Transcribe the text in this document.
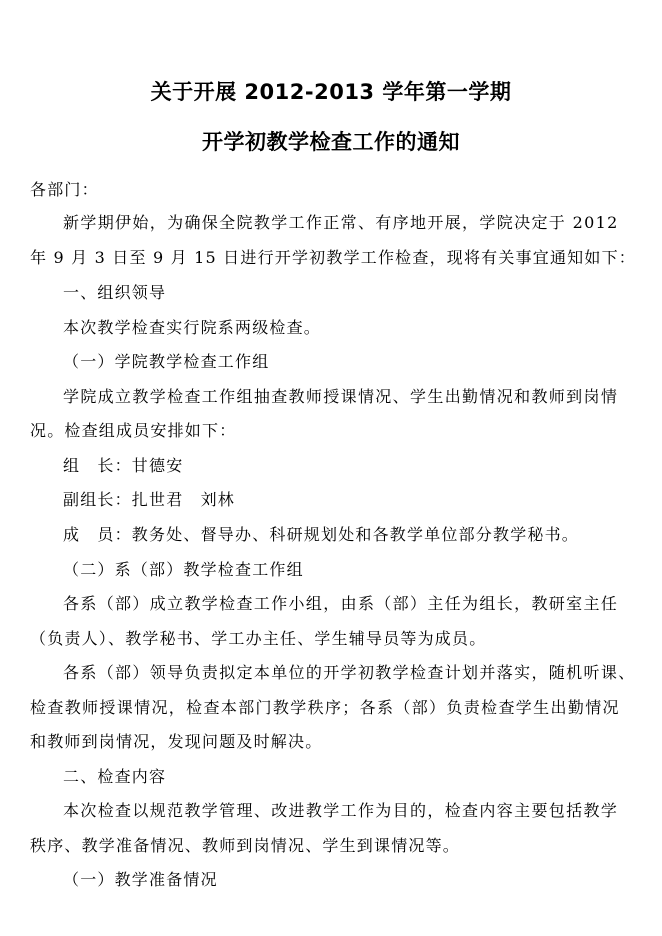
关于开展 2012-2013 学年第一学期
开学初教学检查工作的通知
各部门：
新学期伊始，为确保全院教学工作正常、有序地开展，学院决定于 2012
年 9 月 3 日至 9 月 15 日进行开学初教学工作检查，现将有关事宜通知如下：
一、组织领导
本次教学检查实行院系两级检查。
（一）学院教学检查工作组
学院成立教学检查工作组抽查教师授课情况、学生出勤情况和教师到岗情
况。检查组成员安排如下：
组　长：甘德安
副组长：扎世君　刘林
成　员：教务处、督导办、科研规划处和各教学单位部分教学秘书。
（二）系（部）教学检查工作组
各系（部）成立教学检查工作小组，由系（部）主任为组长，教研室主任
（负责人）、教学秘书、学工办主任、学生辅导员等为成员。
各系（部）领导负责拟定本单位的开学初教学检查计划并落实，随机听课、
检查教师授课情况，检查本部门教学秩序；各系（部）负责检查学生出勤情况
和教师到岗情况，发现问题及时解决。
二、检查内容
本次检查以规范教学管理、改进教学工作为目的，检查内容主要包括教学
秩序、教学准备情况、教师到岗情况、学生到课情况等。
（一）教学准备情况
